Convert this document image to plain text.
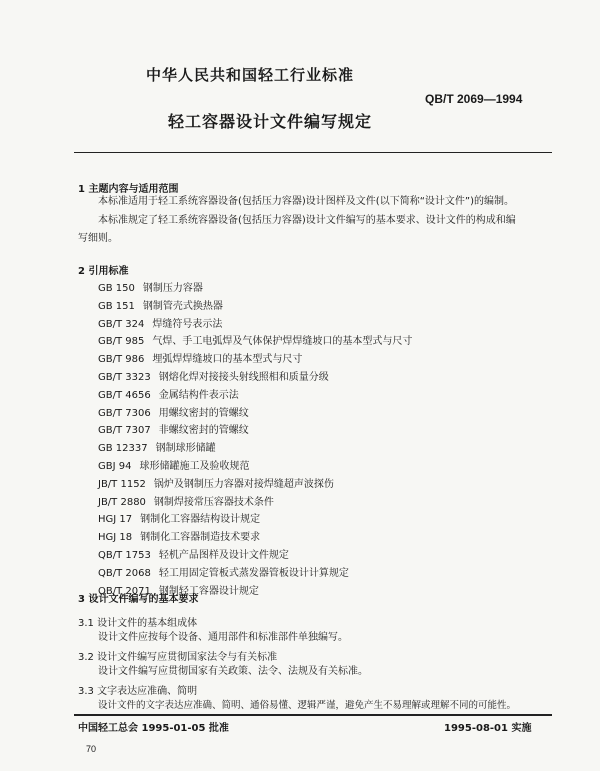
中华人民共和国轻工行业标准
QB/T 2069—1994
轻工容器设计文件编写规定
1 主题内容与适用范围
本标准适用于轻工系统容器设备(包括压力容器)设计图样及文件(以下简称“设计文件”)的编制。
本标准规定了轻工系统容器设备(包括压力容器)设计文件编写的基本要求、设计文件的构成和编
写细则。
2 引用标准
GB 150 钢制压力容器
GB 151 钢制管壳式换热器
GB/T 324 焊缝符号表示法
GB/T 985 气焊、手工电弧焊及气体保护焊焊缝坡口的基本型式与尺寸
GB/T 986 埋弧焊焊缝坡口的基本型式与尺寸
GB/T 3323 钢熔化焊对接接头射线照相和质量分级
GB/T 4656 金属结构件表示法
GB/T 7306 用螺纹密封的管螺纹
GB/T 7307 非螺纹密封的管螺纹
GB 12337 钢制球形储罐
GBJ 94 球形储罐施工及验收规范
JB/T 1152 锅炉及钢制压力容器对接焊缝超声波探伤
JB/T 2880 钢制焊接常压容器技术条件
HGJ 17 钢制化工容器结构设计规定
HGJ 18 钢制化工容器制造技术要求
QB/T 1753 轻机产品图样及设计文件规定
QB/T 2068 轻工用固定管板式蒸发器管板设计计算规定
QB/T 2071 钢制轻工容器设计规定
3 设计文件编写的基本要求
3.1 设计文件的基本组成体
设计文件应按每个设备、通用部件和标准部件单独编写。
3.2 设计文件编写应贯彻国家法令与有关标准
设计文件编写应贯彻国家有关政策、法令、法规及有关标准。
3.3 文字表达应准确、简明
设计文件的文字表达应准确、简明、通俗易懂、逻辑严谨，避免产生不易理解或理解不同的可能性。
中国轻工总会 1995-01-05 批准	1995-08-01 实施
70
